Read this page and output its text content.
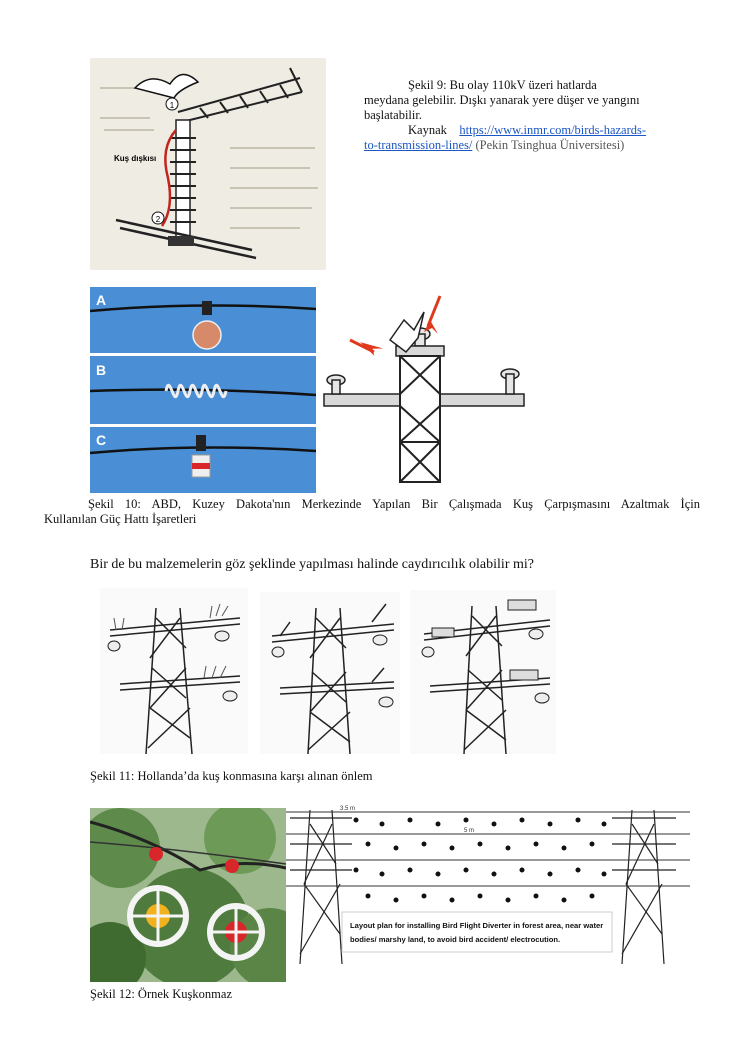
1
2
Kuş dışkısı
Şekil 9: Bu olay 110kV üzeri hatlarda
meydana gelebilir. Dışkı yanarak yere düşer ve yangını
başlatabilir.
Kaynak https://www.inmr.com/birds-hazards-
to-transmission-lines/ (Pekin Tsinghua Üniversitesi)
A
B
C
Şekil 10: ABD, Kuzey Dakota'nın Merkezinde Yapılan Bir Çalışmada Kuş Çarpışmasını Azaltmak İçin
Kullanılan Güç Hattı İşaretleri
Bir de bu malzemelerin göz şeklinde yapılması halinde caydırıcılık olabilir mi?
Şekil 11: Hollanda’da kuş konmasına karşı alınan önlem
3.5 m
5 m
Layout plan for installing Bird Flight Diverter in forest area, near water
bodies/ marshy land, to avoid bird accident/ electrocution.
Şekil 12: Örnek Kuşkonmaz
